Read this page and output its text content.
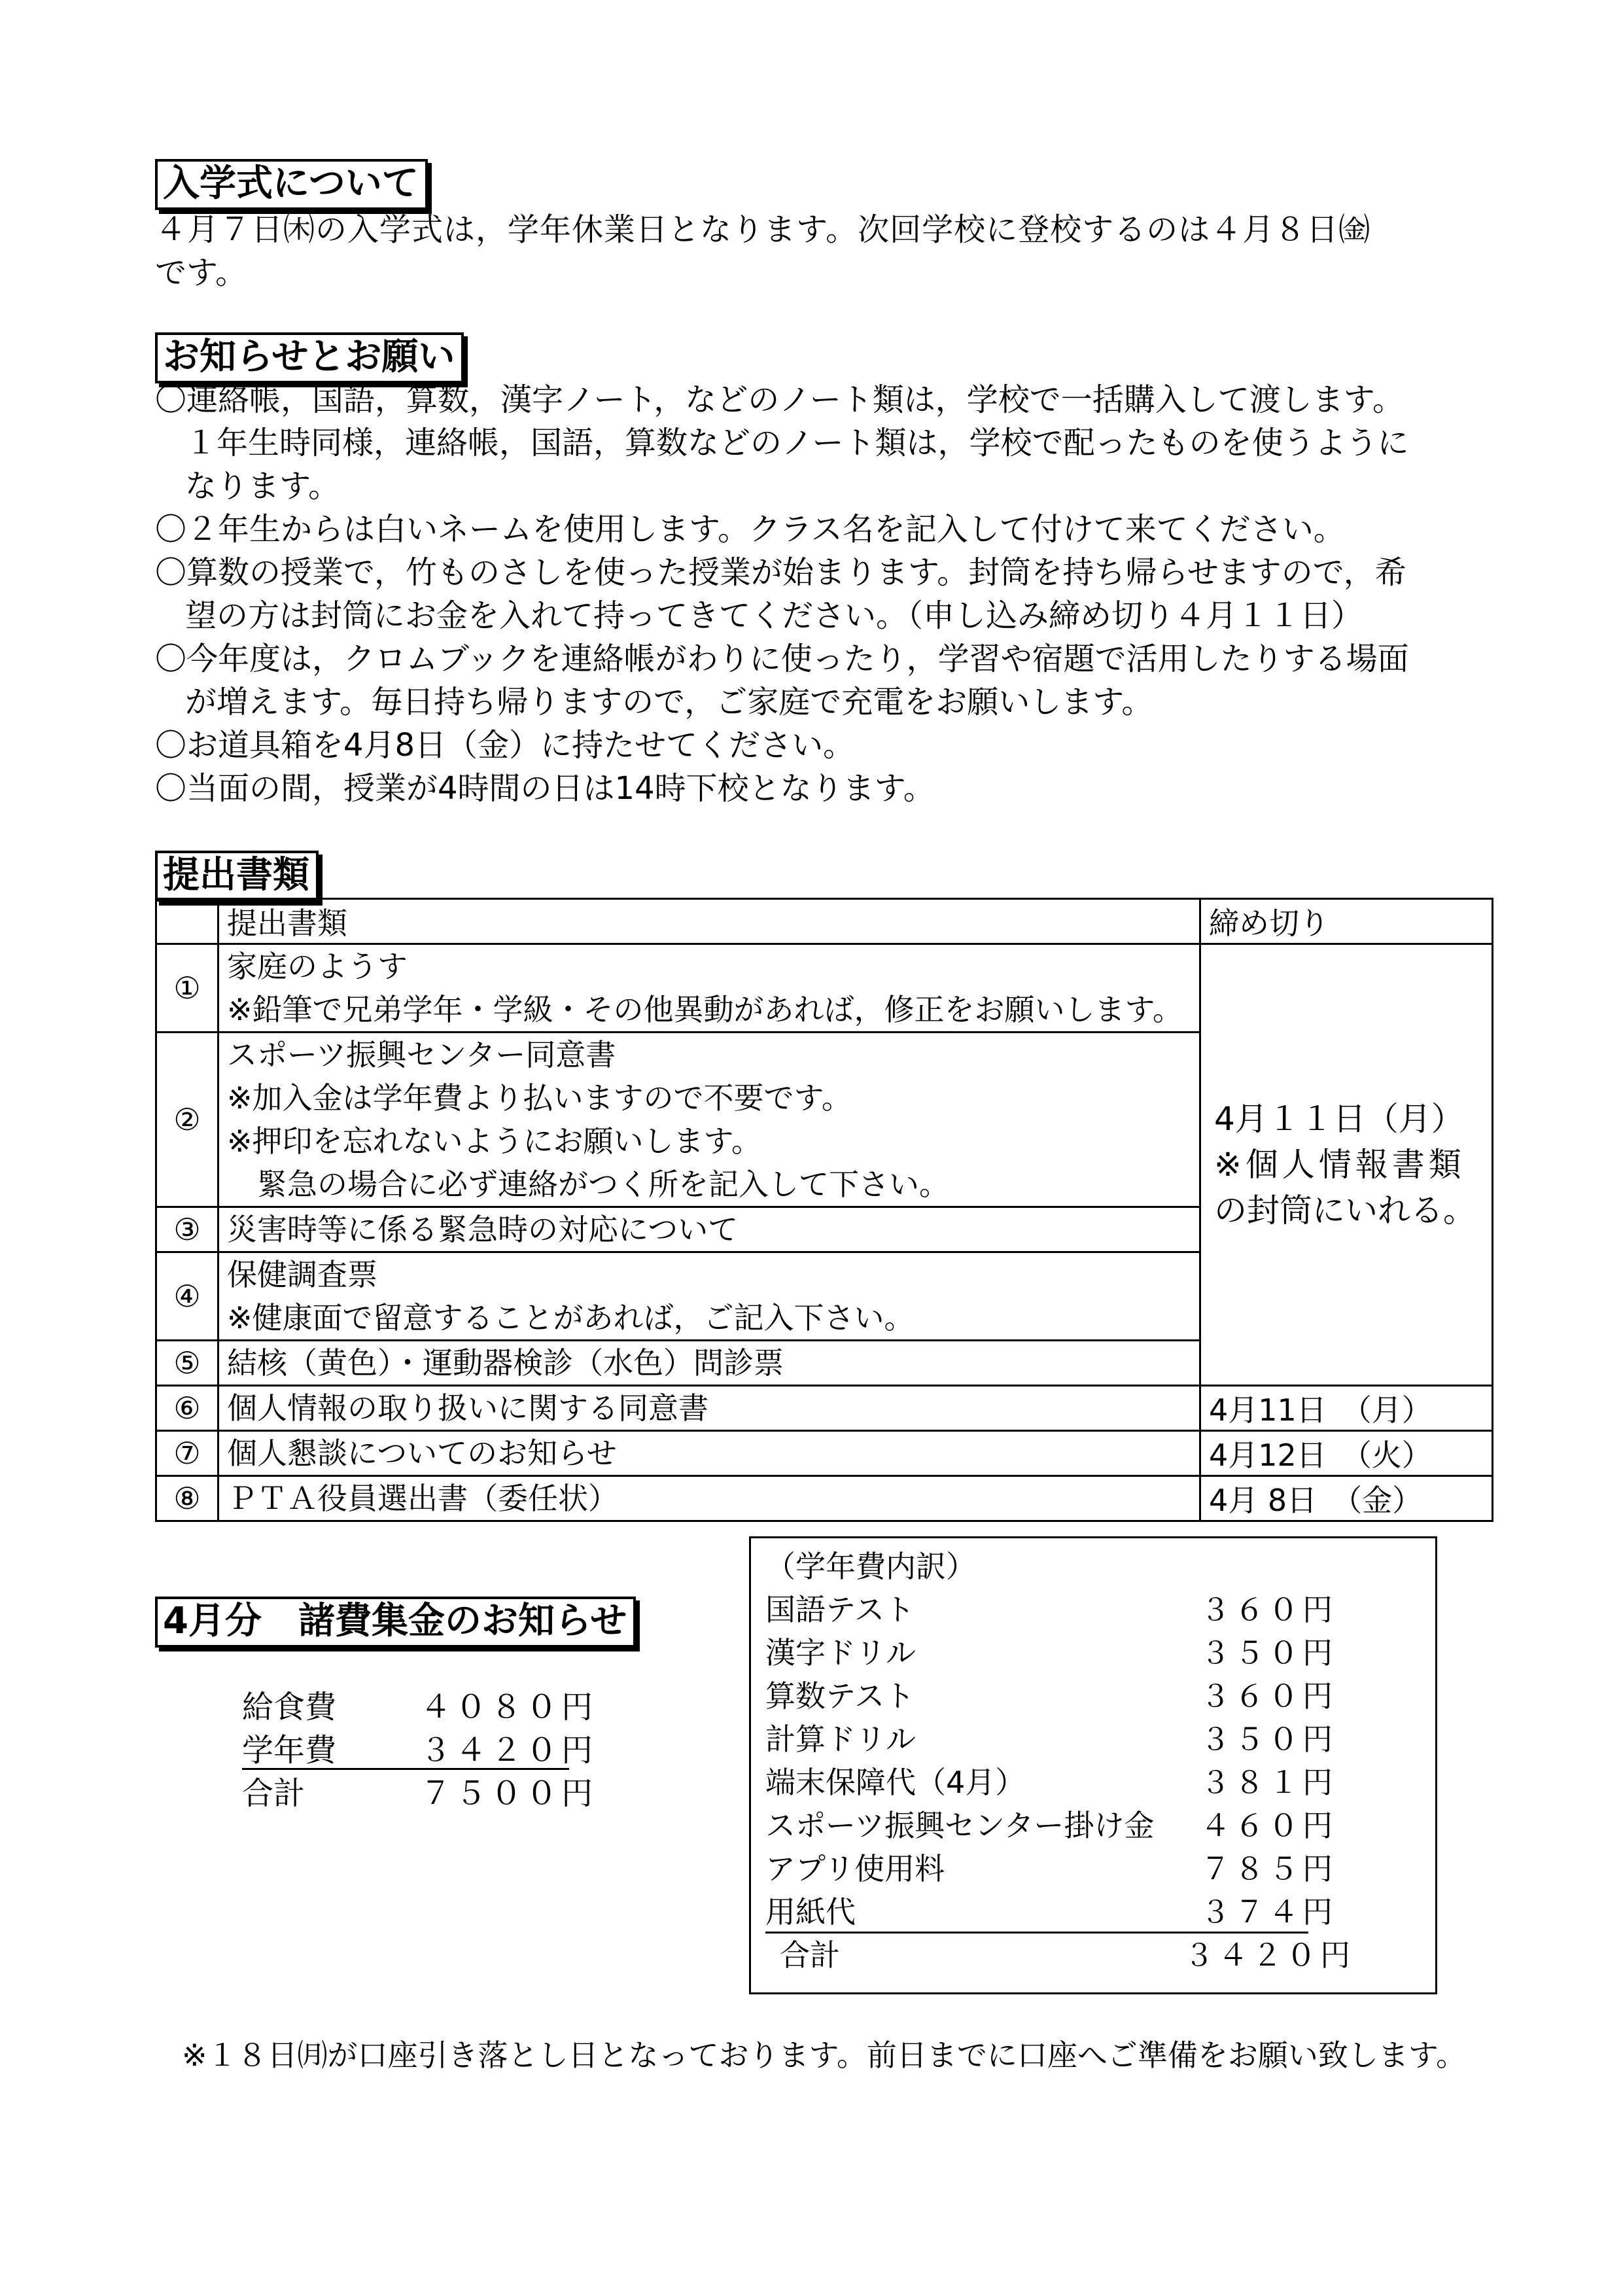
入学式について
４月７日㈭の入学式は，学年休業日となります。次回学校に登校するのは４月８日㈮
です。
お知らせとお願い
〇連絡帳，国語，算数，漢字ノート，などのノート類は，学校で一括購入して渡します。
１年生時同様，連絡帳，国語，算数などのノート類は，学校で配ったものを使うように
なります。
〇２年生からは白いネームを使用します。クラス名を記入して付けて来てください。
〇算数の授業で，竹ものさしを使った授業が始まります。封筒を持ち帰らせますので，希
望の方は封筒にお金を入れて持ってきてください。（申し込み締め切り４月１１日）
〇今年度は，クロムブックを連絡帳がわりに使ったり，学習や宿題で活用したりする場面
が増えます。毎日持ち帰りますので，ご家庭で充電をお願いします。
〇お道具箱を4月8日（金）に持たせてください。
〇当面の間，授業が4時間の日は14時下校となります。
提出書類
	提出書類	締め切り
①	家庭のようす
※鉛筆で兄弟学年・学級・その他異動があれば，修正をお願いします。	4月１１日（月）
※個人情報書類
の封筒にいれる。

②	スポーツ振興センター同意書
※加入金は学年費より払いますので不要です。
※押印を忘れないようにお願いします。
　緊急の場合に必ず連絡がつく所を記入して下さい。	

③	災害時等に係る緊急時の対応について	

④	保健調査票
※健康面で留意することがあれば，ご記入下さい。	

⑤	結核（黄色）・運動器検診（水色）問診票	

⑥	個人情報の取り扱いに関する同意書	4月11日　（月）
⑦	個人懇談についてのお知らせ	4月12日　（火）
⑧	ＰＴＡ役員選出書（委任状）	4月 8日　（金）
4月分　諸費集金のお知らせ
給食費	４０８０円
学年費	３４２０円
合計	７５００円
（学年費内訳）
国語テスト	３６０円
漢字ドリル	３５０円
算数テスト	３６０円
計算ドリル	３５０円
端末保障代（4月）	３８１円
スポーツ振興センター掛け金 ４６０円
アプリ使用料	７８５円
用紙代	３７４円
合計	３４２０円
※１８日㈪が口座引き落とし日となっております。前日までに口座へご準備をお願い致します。
